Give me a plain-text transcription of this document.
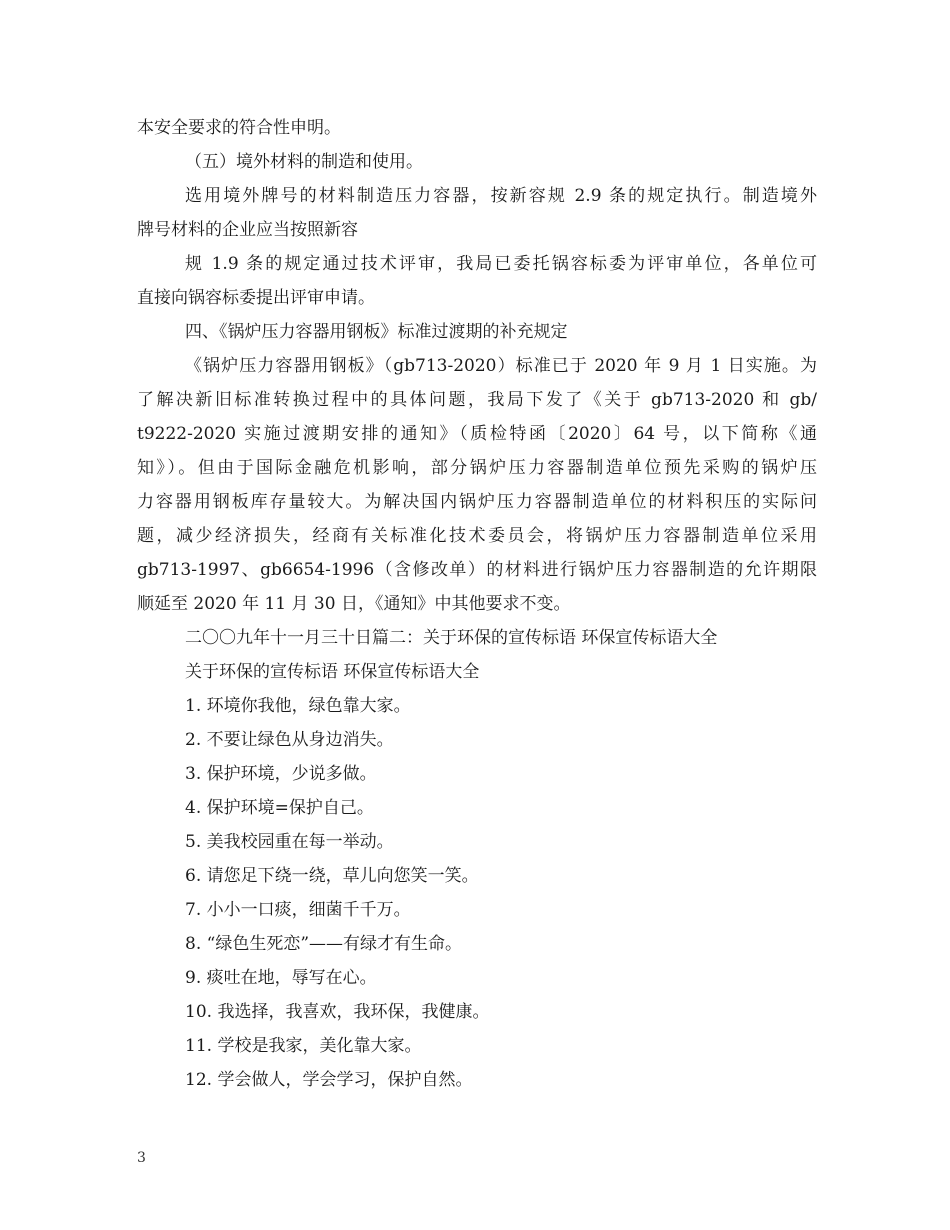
本安全要求的符合性申明。
（五）境外材料的制造和使用。
选用境外牌号的材料制造压力容器，按新容规 2.9 条的规定执行。制造境外
牌号材料的企业应当按照新容
规 1.9 条的规定通过技术评审，我局已委托锅容标委为评审单位，各单位可
直接向锅容标委提出评审申请。
四、《锅炉压力容器用钢板》标准过渡期的补充规定
《锅炉压力容器用钢板》（gb713-2020）标准已于 2020 年 9 月 1 日实施。为
了解决新旧标准转换过程中的具体问题，我局下发了《关于 gb713-2020 和 gb/
t9222-2020 实施过渡期安排的通知》（质检特函〔2020〕64 号，以下简称《通
知》）。但由于国际金融危机影响，部分锅炉压力容器制造单位预先采购的锅炉压
力容器用钢板库存量较大。为解决国内锅炉压力容器制造单位的材料积压的实际问
题，减少经济损失，经商有关标准化技术委员会，将锅炉压力容器制造单位采用
gb713-1997、gb6654-1996（含修改单）的材料进行锅炉压力容器制造的允许期限
顺延至 2020 年 11 月 30 日，《通知》中其他要求不变。
二〇〇九年十一月三十日篇二：关于环保的宣传标语 环保宣传标语大全
关于环保的宣传标语 环保宣传标语大全
1. 环境你我他，绿色靠大家。
2. 不要让绿色从身边消失。
3. 保护环境，少说多做。
4. 保护环境=保护自己。
5. 美我校园重在每一举动。
6. 请您足下绕一绕，草儿向您笑一笑。
7. 小小一口痰，细菌千千万。
8. “绿色生死恋”——有绿才有生命。
9. 痰吐在地，辱写在心。
10. 我选择，我喜欢，我环保，我健康。
11. 学校是我家，美化靠大家。
12. 学会做人，学会学习，保护自然。
3
